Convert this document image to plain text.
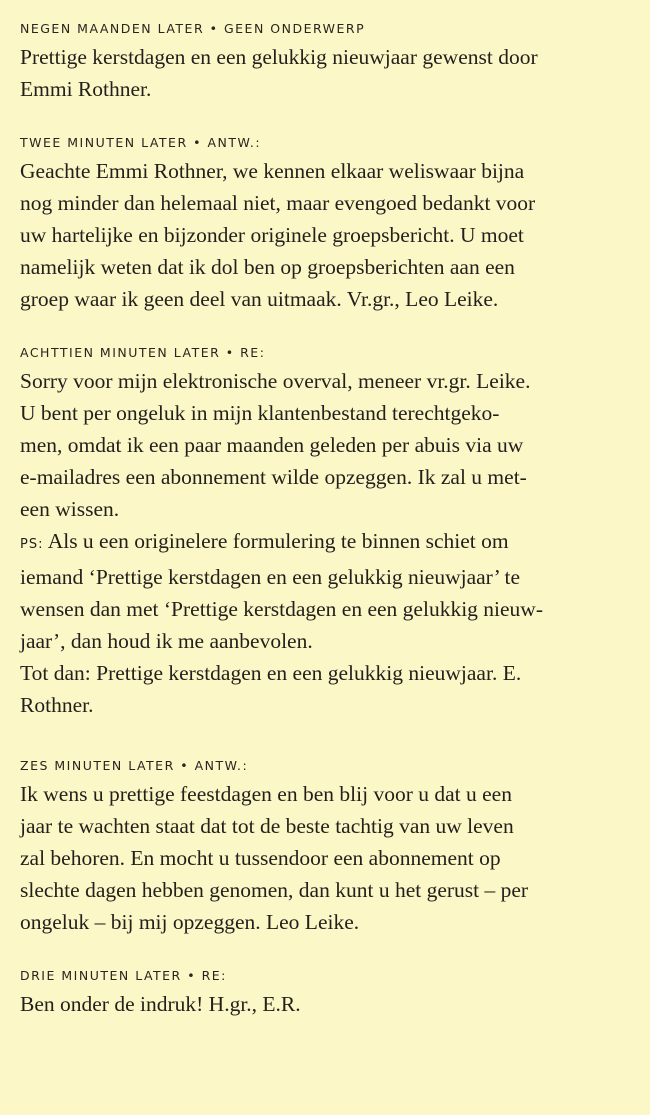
NEGEN MAANDEN LATER • GEEN ONDERWERP

Prettige kerstdagen en een gelukkig nieuwjaar gewenst door

Emmi Rothner.

TWEE MINUTEN LATER • ANTW.:

Geachte Emmi Rothner, we kennen elkaar weliswaar bijna

nog minder dan helemaal niet, maar evengoed bedankt voor

uw hartelijke en bijzonder originele groepsbericht. U moet

namelijk weten dat ik dol ben op groepsberichten aan een

groep waar ik geen deel van uitmaak. Vr.gr., Leo Leike.

ACHTTIEN MINUTEN LATER • RE:

Sorry voor mijn elektronische overval, meneer vr.gr. Leike.

U bent per ongeluk in mijn klantenbestand terechtgeko-

men, omdat ik een paar maanden geleden per abuis via uw

e-mailadres een abonnement wilde opzeggen. Ik zal u met-

een wissen.

PS: Als u een originelere formulering te binnen schiet om

iemand ‘Prettige kerstdagen en een gelukkig nieuwjaar’ te

wensen dan met ‘Prettige kerstdagen en een gelukkig nieuw-

jaar’, dan houd ik me aanbevolen.

Tot dan: Prettige kerstdagen en een gelukkig nieuwjaar. E.

Rothner.

ZES MINUTEN LATER • ANTW.:

Ik wens u prettige feestdagen en ben blij voor u dat u een

jaar te wachten staat dat tot de beste tachtig van uw leven

zal behoren. En mocht u tussendoor een abonnement op

slechte dagen hebben genomen, dan kunt u het gerust – per

ongeluk – bij mij opzeggen. Leo Leike.

DRIE MINUTEN LATER • RE:

Ben onder de indruk! H.gr., E.R.
